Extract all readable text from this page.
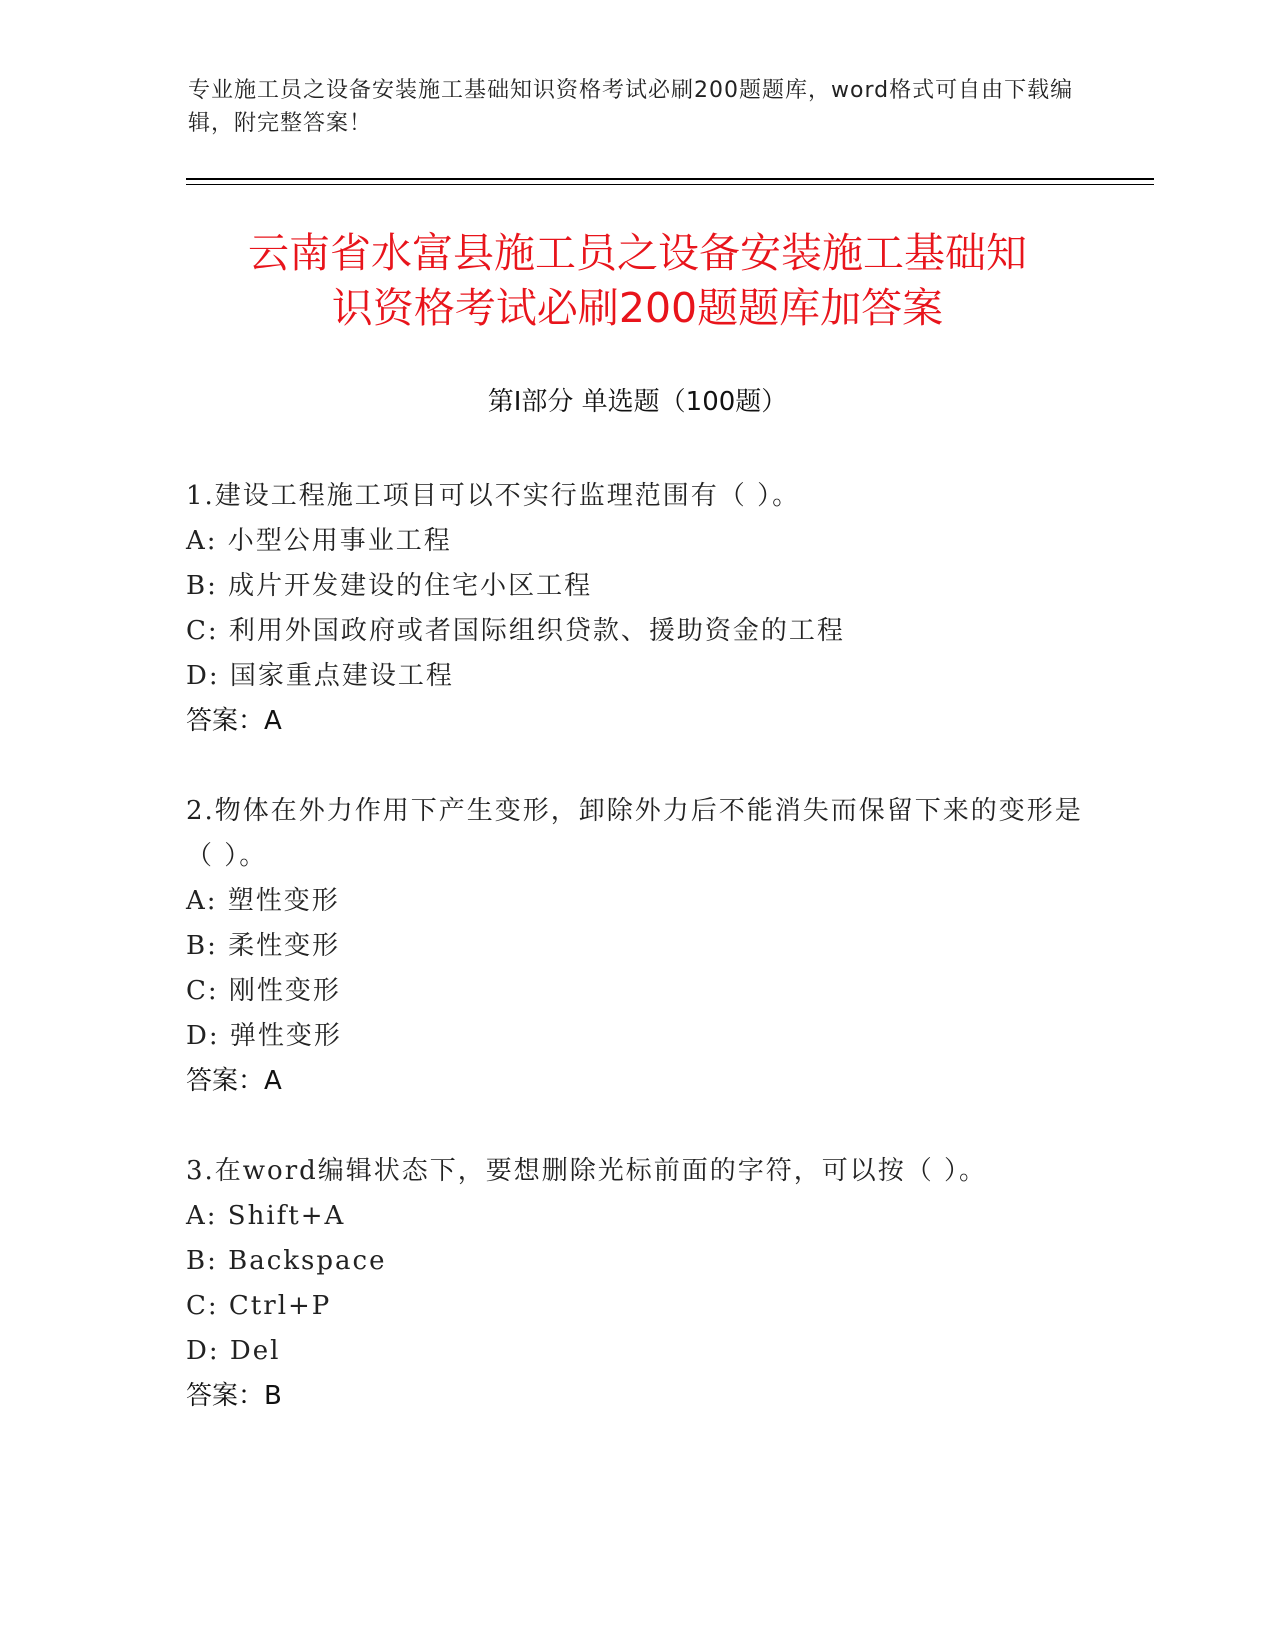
专业施工员之设备安装施工基础知识资格考试必刷200题题库，word格式可自由下载编辑，附完整答案！
云南省水富县施工员之设备安装施工基础知
识资格考试必刷200题题库加答案
第Ⅰ部分 单选题（100题）
1.建设工程施工项目可以不实行监理范围有（ ）。
A: 小型公用事业工程
B: 成片开发建设的住宅小区工程
C: 利用外国政府或者国际组织贷款、援助资金的工程
D: 国家重点建设工程
答案：A
2.物体在外力作用下产生变形，卸除外力后不能消失而保留下来的变形是（ ）。
A: 塑性变形
B: 柔性变形
C: 刚性变形
D: 弹性变形
答案：A
3.在word编辑状态下，要想删除光标前面的字符，可以按（ ）。
A: Shift+A
B: Backspace
C: Ctrl+P
D: Del
答案：B
